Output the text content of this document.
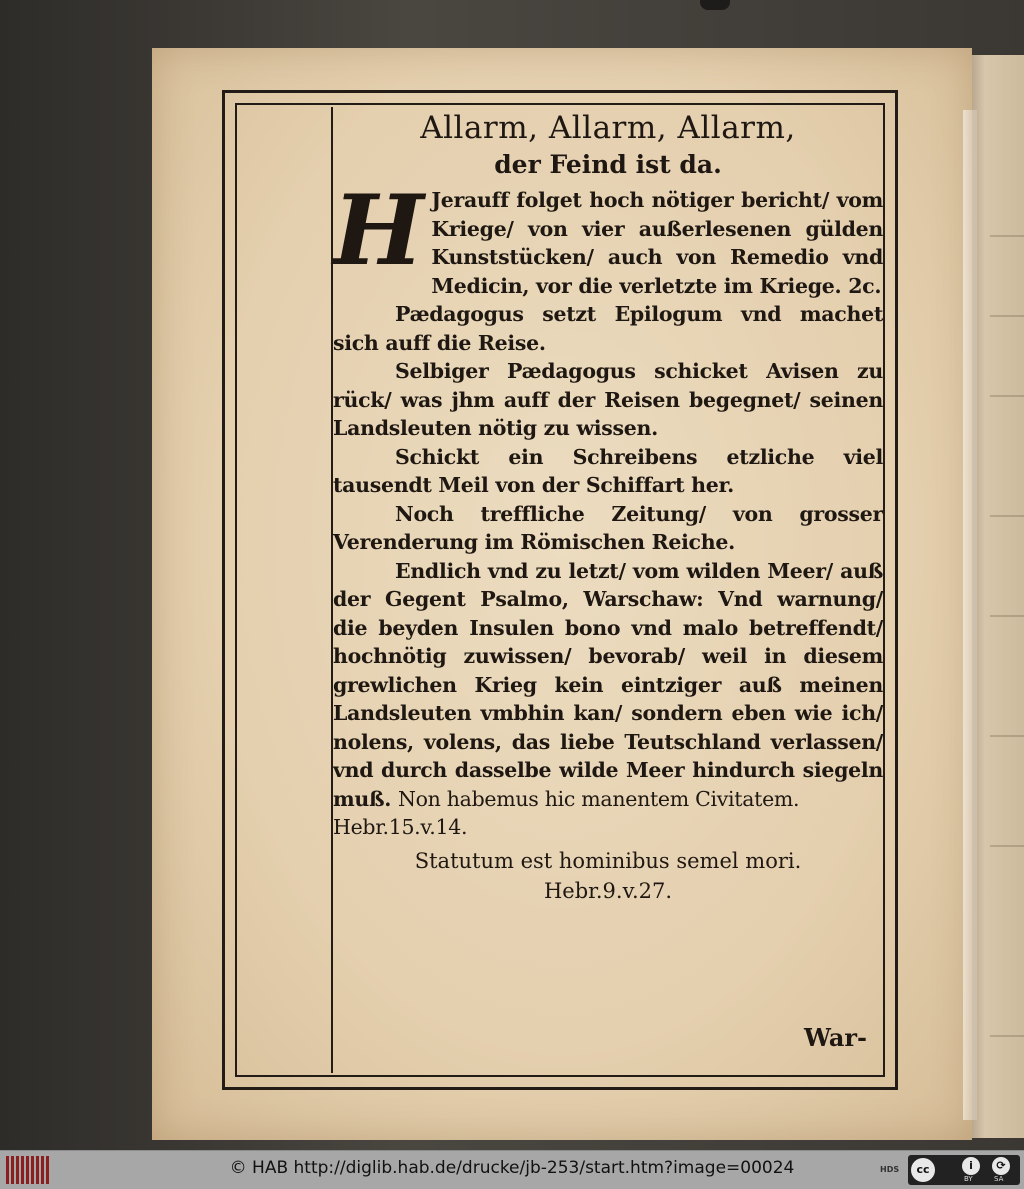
Allarm, Allarm, Allarm,
der Feind ist da.

H Jerauff folget hoch nötiger bericht/ vom Kriege/ von vier außerlesenen gülden Kunststücken/ auch von Remedio vnd Medicin, vor die verletzte im Kriege. 2c.

Pædagogus setzt Epilogum vnd machet sich auff die Reise.

Selbiger Pædagogus schicket Avisen zu rück/ was jhm auff der Reisen begegnet/ seinen Landsleuten nötig zu wissen.

Schickt ein Schreibens etzliche viel tausendt Meil von der Schiffart her.

Noch treffliche Zeitung/ von grosser Verenderung im Römischen Reiche.

Endlich vnd zu letzt/ vom wilden Meer/ auß der Gegent Psalmo, Warschaw: Vnd warnung/ die beyden Insulen bono vnd malo betreffendt/ hochnötig zuwissen/ bevorab/ weil in diesem grewlichen Krieg kein eintziger auß meinen Landsleuten vmbhin kan/ sondern eben wie ich/ nolens, volens, das liebe Teutschland verlassen/ vnd durch dasselbe wilde Meer hindurch siegeln muß. Non habemus hic manentem Civitatem.

Hebr.15.v.14.

Statutum est hominibus semel mori.
Hebr.9.v.27.
War-
© HAB http://diglib.hab.de/drucke/jb-253/start.htm?image=00024	HDS	cc	i	⟳
BY	SA
